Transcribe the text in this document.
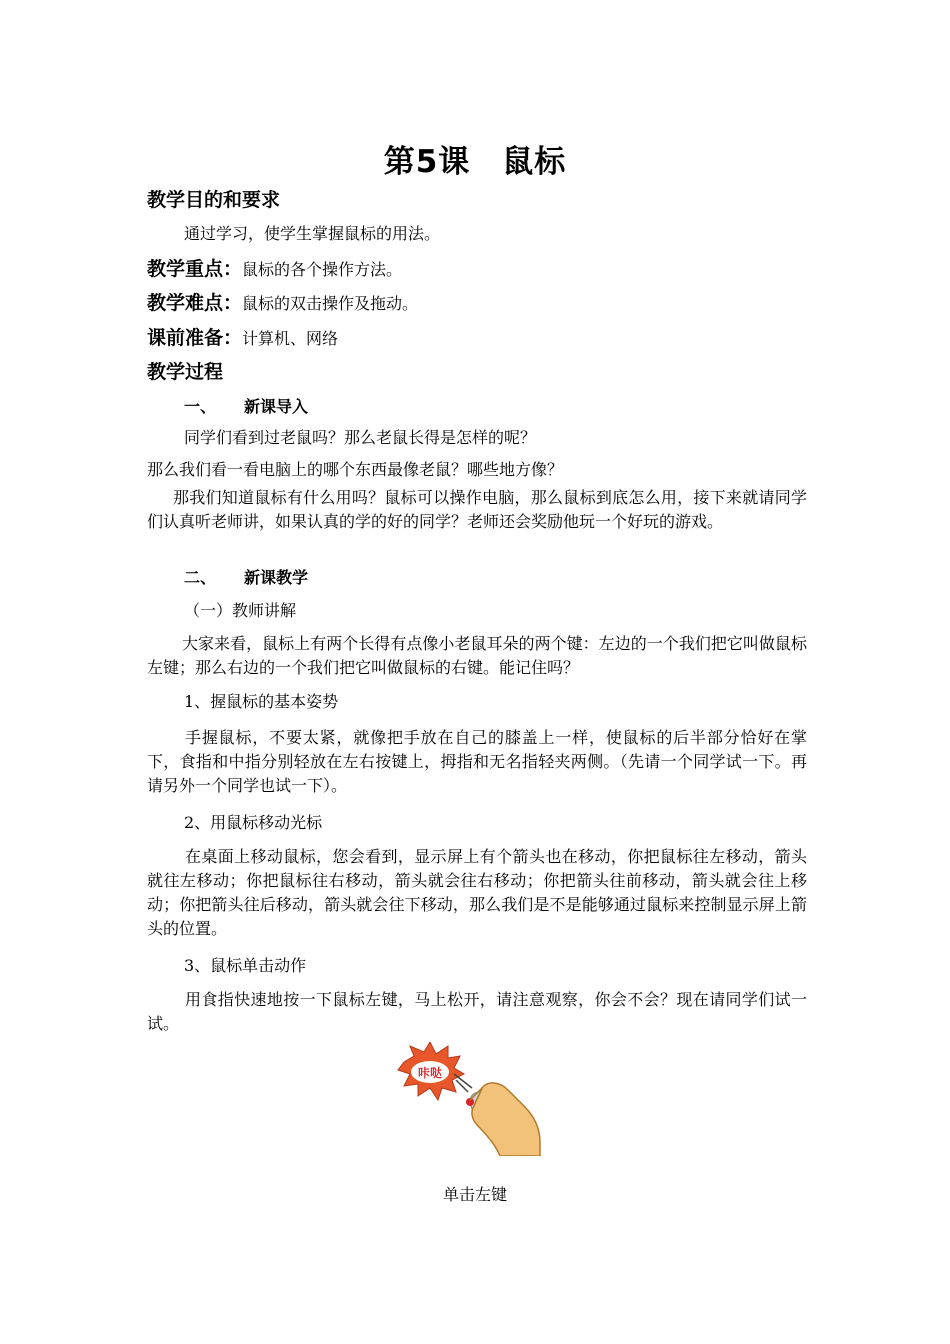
第5课　鼠标
教学目的和要求
通过学习，使学生掌握鼠标的用法。
教学重点：鼠标的各个操作方法。
教学难点：鼠标的双击操作及拖动。
课前准备：计算机、网络
教学过程
一、 新课导入
同学们看到过老鼠吗？那么老鼠长得是怎样的呢？
那么我们看一看电脑上的哪个东西最像老鼠？哪些地方像？
那我们知道鼠标有什么用吗？鼠标可以操作电脑，那么鼠标到底怎么用，接下来就请同学们认真听老师讲，如果认真的学的好的同学？老师还会奖励他玩一个好玩的游戏。
二、 新课教学
（一）教师讲解
大家来看，鼠标上有两个长得有点像小老鼠耳朵的两个键：左边的一个我们把它叫做鼠标左键；那么右边的一个我们把它叫做鼠标的右键。能记住吗？
1、握鼠标的基本姿势
手握鼠标，不要太紧，就像把手放在自己的膝盖上一样，使鼠标的后半部分恰好在掌下，食指和中指分别轻放在左右按键上，拇指和无名指轻夹两侧。（先请一个同学试一下。再请另外一个同学也试一下）。
2、用鼠标移动光标
在桌面上移动鼠标，您会看到，显示屏上有个箭头也在移动，你把鼠标往左移动，箭头就往左移动；你把鼠标往右移动，箭头就会往右移动；你把箭头往前移动，箭头就会往上移动；你把箭头往后移动，箭头就会往下移动，那么我们是不是能够通过鼠标来控制显示屏上箭头的位置。
3、鼠标单击动作
用食指快速地按一下鼠标左键，马上松开，请注意观察，你会不会？现在请同学们试一试。
咔哒
单击左键
